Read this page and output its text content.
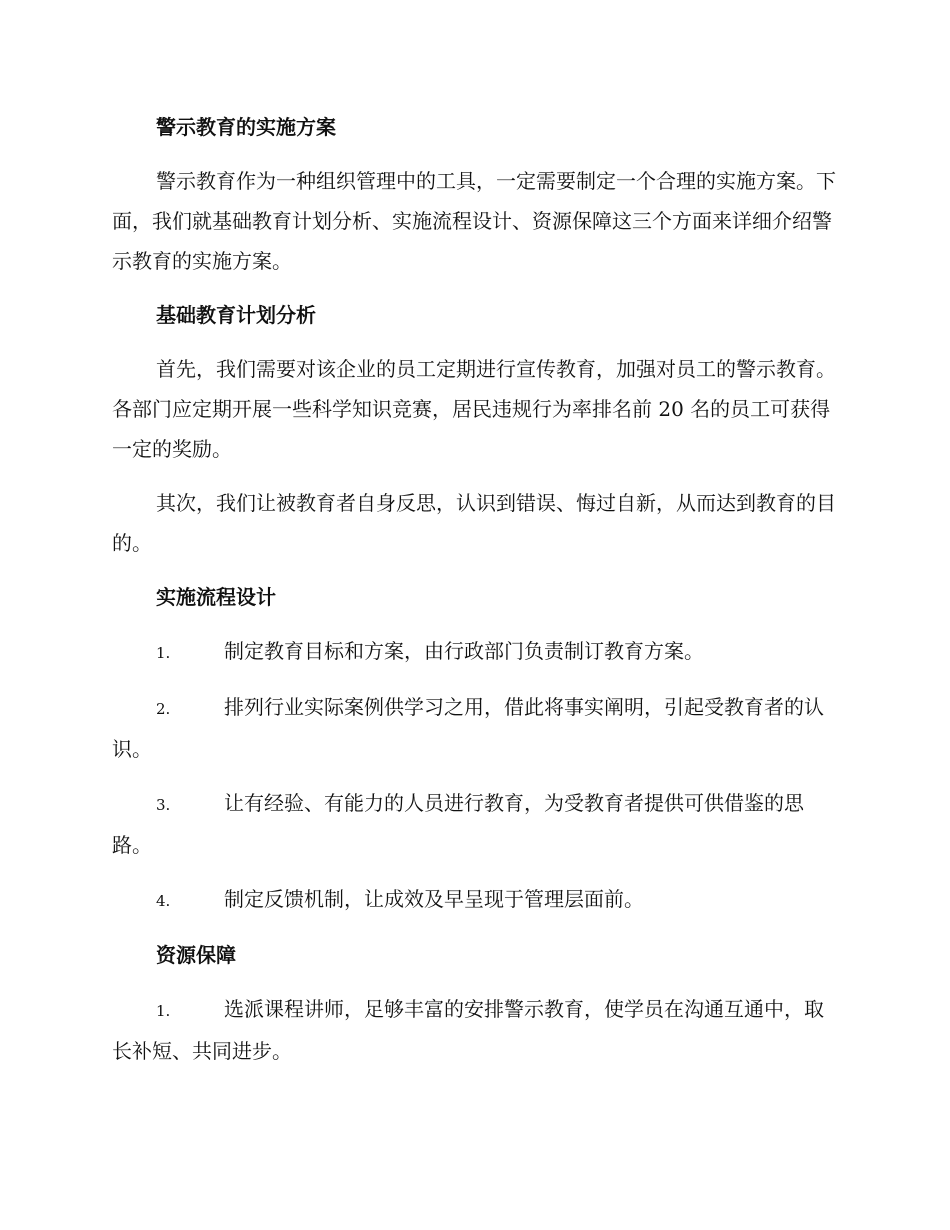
警示教育的实施方案

警示教育作为一种组织管理中的工具，一定需要制定一个合理的实施方案。下面，我们就基础教育计划分析、实施流程设计、资源保障这三个方面来详细介绍警示教育的实施方案。

基础教育计划分析

首先，我们需要对该企业的员工定期进行宣传教育，加强对员工的警示教育。各部门应定期开展一些科学知识竞赛，居民违规行为率排名前 20 名的员工可获得一定的奖励。

其次，我们让被教育者自身反思，认识到错误、悔过自新，从而达到教育的目的。

实施流程设计
1.	制定教育目标和方案，由行政部门负责制订教育方案。
2.	排列行业实际案例供学习之用，借此将事实阐明，引起受教育者的认识。
3.	让有经验、有能力的人员进行教育，为受教育者提供可供借鉴的思路。
4.	制定反馈机制，让成效及早呈现于管理层面前。
资源保障
1.	选派课程讲师，足够丰富的安排警示教育，使学员在沟通互通中，取长补短、共同进步。
